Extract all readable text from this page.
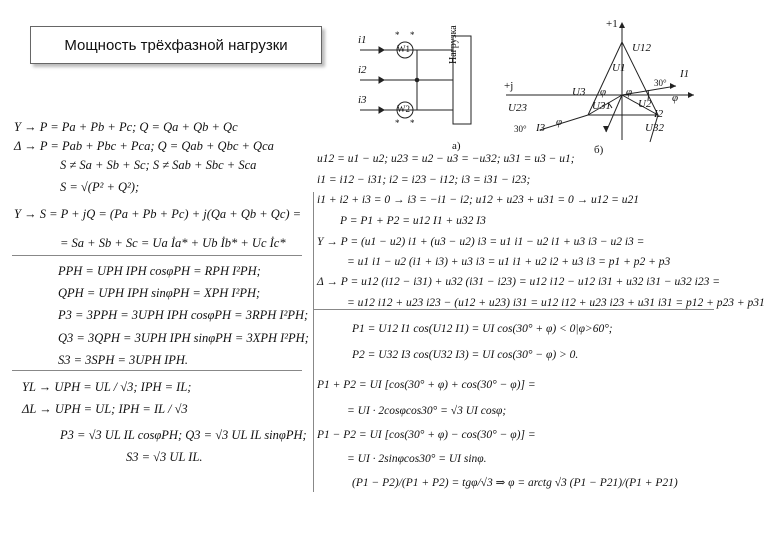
Мощность трёхфазной нагрузки
Y → P = Pa + Pb + Pc; Q = Qa + Qb + Qc
Δ → P = Pab + Pbc + Pca; Q = Qab + Qbc + Qca
S ≠ Sa + Sb + Sc; S ≠ Sab + Sbc + Sca
S = √(P² + Q²);
Y → S = P + jQ = (Pa + Pb + Pc) + j(Qa + Qb + Qc) =
= Sa + Sb + Sc = Ua İa* + Ub İb* + Uc İc*
PPH = UPH IPH cosφPH = RPH I²PH;
QPH = UPH IPH sinφPH = XPH I²PH;
P3 = 3PPH = 3UPH IPH cosφPH = 3RPH I²PH;
Q3 = 3QPH = 3UPH IPH sinφPH = 3XPH I²PH;
S3 = 3SPH = 3UPH IPH.
YL → UPH = UL / √3; IPH = IL;
ΔL → UPH = UL; IPH = IL / √3
P3 = √3 UL IL cosφPH; Q3 = √3 UL IL sinφPH;
S3 = √3 UL IL.
u12 = u1 − u2; u23 = u2 − u3 = −u32; u31 = u3 − u1;
i1 = i12 − i31; i2 = i23 − i12; i3 = i31 − i23;
i1 + i2 + i3 = 0 → i3 = −i1 − i2; u12 + u23 + u31 = 0 → u12 = u21
P = P1 + P2 = u12 I1 + u32 I3
Y → P = (u1 − u2) i1 + (u3 − u2) i3 = u1 i1 − u2 i1 + u3 i3 − u2 i3 =
= u1 i1 − u2 (i1 + i3) + u3 i3 = u1 i1 + u2 i2 + u3 i3 = p1 + p2 + p3
Δ → P = u12 (i12 − i31) + u32 (i31 − i23) = u12 i12 − u12 i31 + u32 i31 − u32 i23 =
= u12 i12 + u23 i23 − (u12 + u23) i31 = u12 i12 + u23 i23 + u31 i31 = p12 + p23 + p31
P1 = U12 I1 cos(U12 I1) = UI cos(30° + φ) < 0|φ>60°;
P2 = U32 I3 cos(U32 I3) = UI cos(30° − φ) > 0.
P1 + P2 = UI [cos(30° + φ) + cos(30° − φ)] =
= UI · 2cosφcos30° = √3 UI cosφ;
P1 − P2 = UI [cos(30° + φ) − cos(30° − φ)] =
= UI · 2sinφcos30° = UI sinφ.
(P1 − P2)/(P1 + P2) = tgφ/√3 ⇒ φ = arctg √3 (P1 − P21)/(P1 + P21)
i1
i2
i3
W1
W2
* *
* *
Нагрузка
а)
+1
+j
U12
U1	I1
U3
U2
U23	U31
U32
I3
I2
30°
30°
φ
φ
φ
φ
б)
